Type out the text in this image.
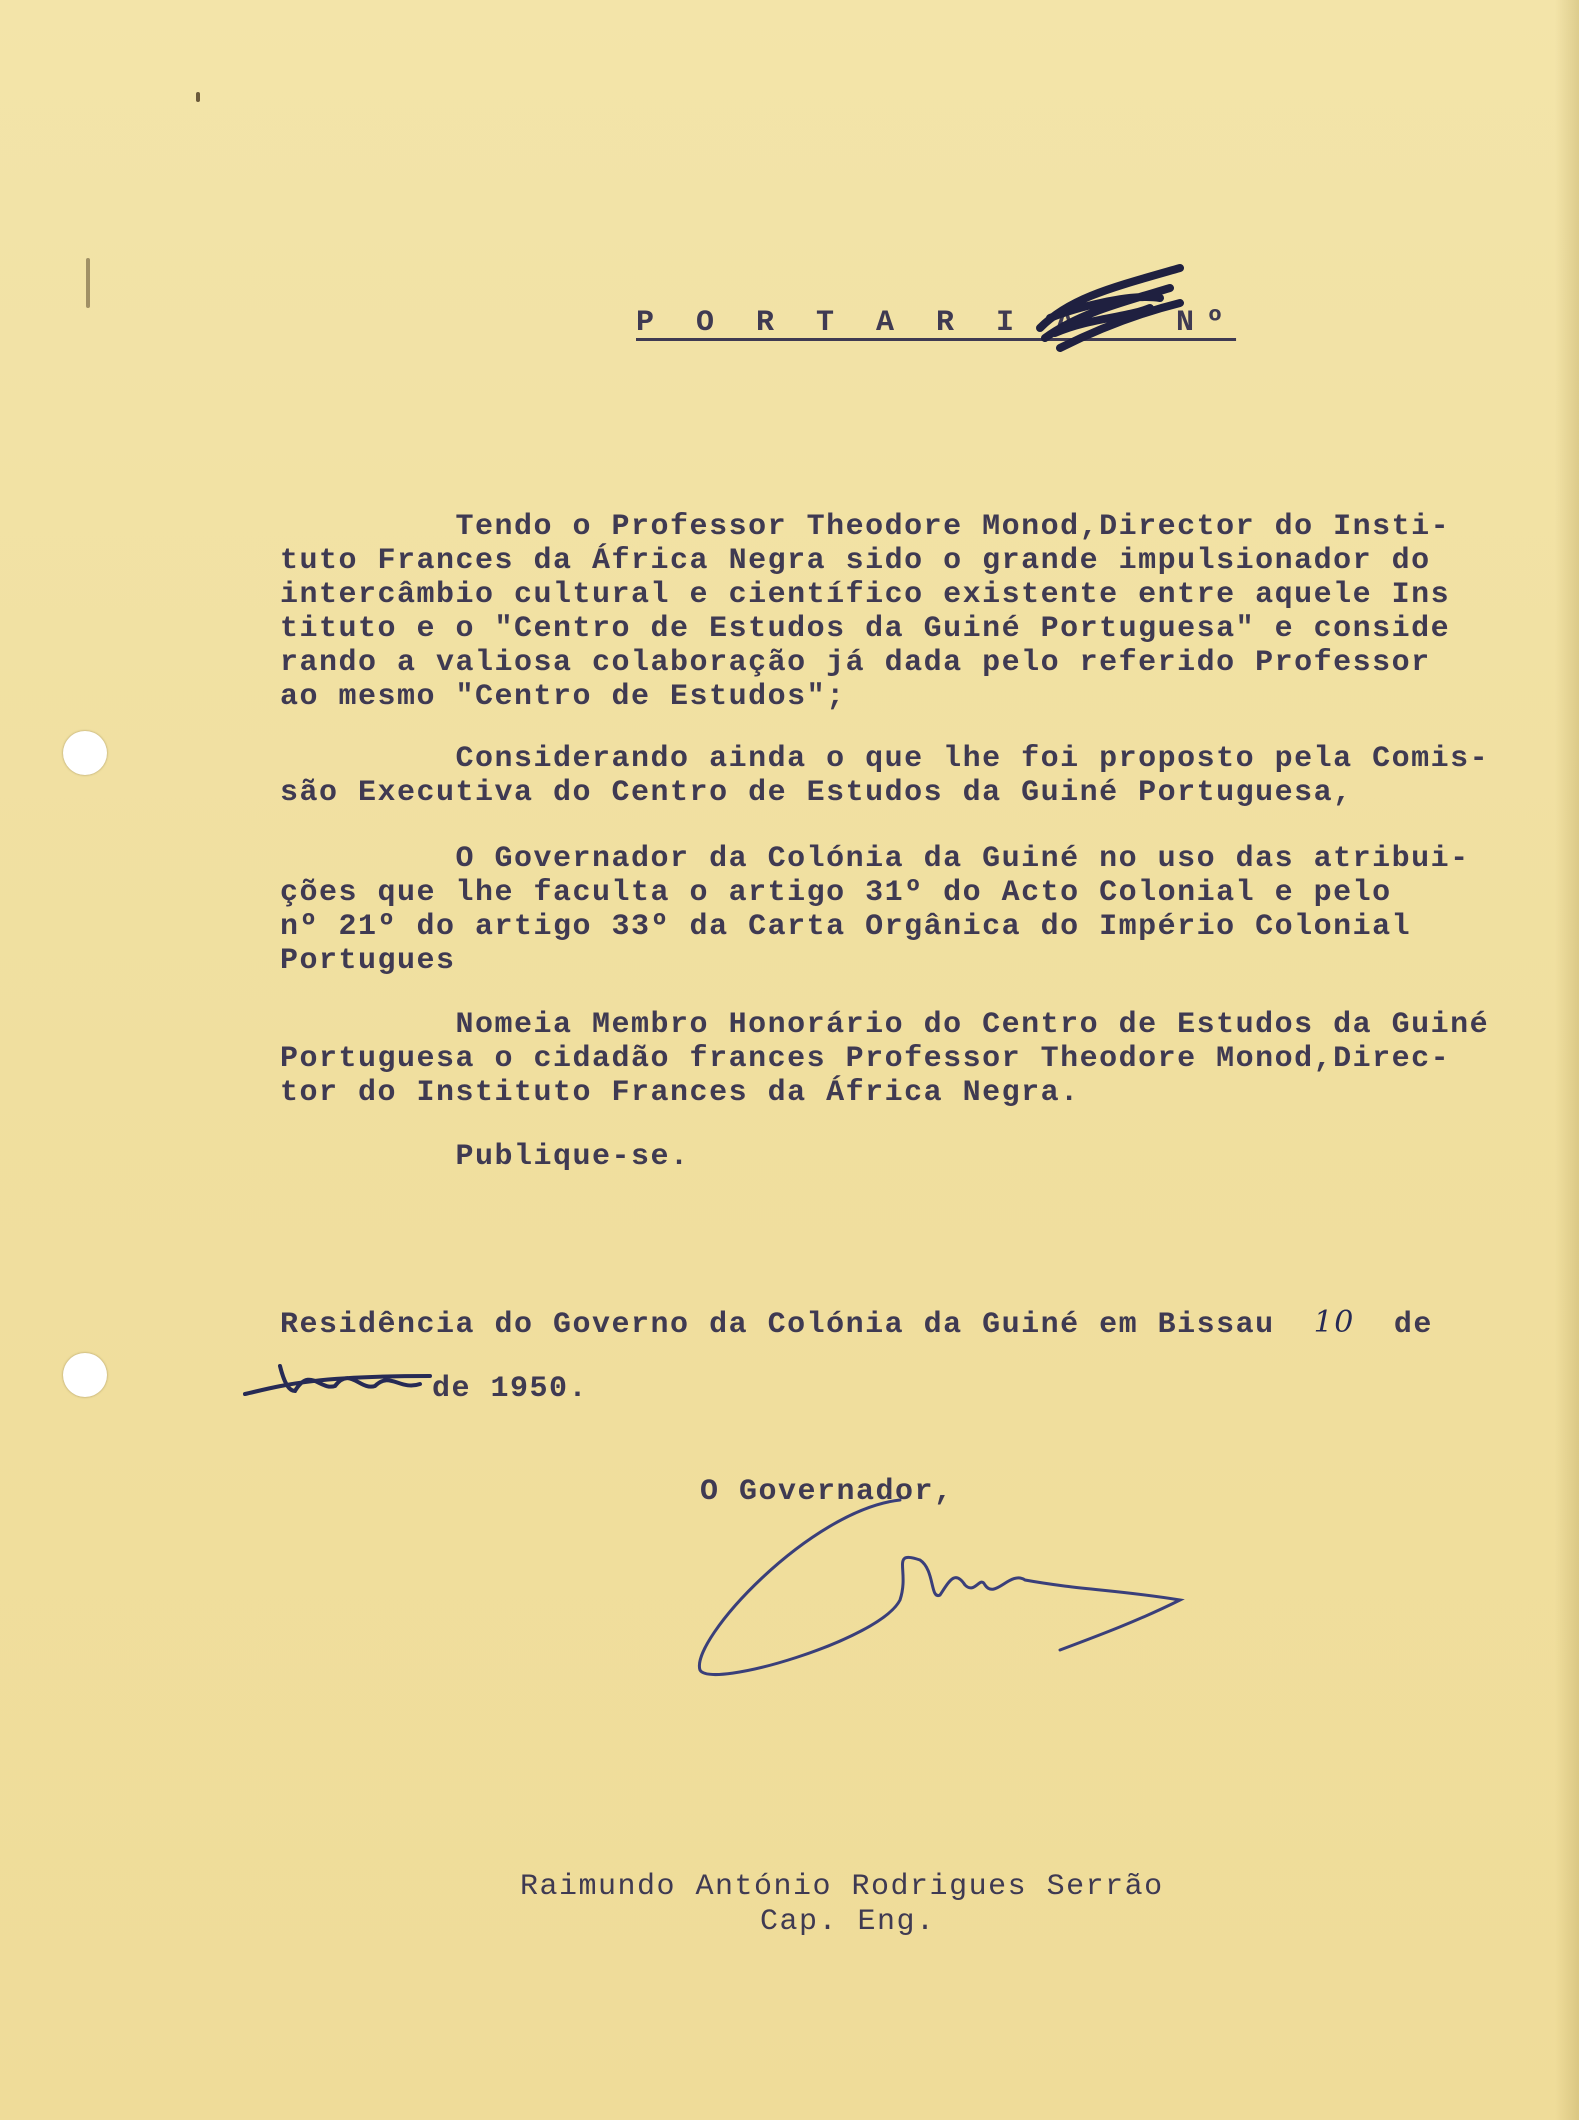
P O R T A R I A   Nº

Tendo o Professor Theodore Monod,Director do Insti-
tuto Frances da África Negra sido o grande impulsionador do
intercâmbio cultural e científico existente entre aquele Ins
tituto e o "Centro de Estudos da Guiné Portuguesa" e conside
rando a valiosa colaboração já dada pelo referido Professor
ao mesmo "Centro de Estudos";

Considerando ainda o que lhe foi proposto pela Comis-
são Executiva do Centro de Estudos da Guiné Portuguesa,

O Governador da Colónia da Guiné no uso das atribui-
ções que lhe faculta o artigo 31º do Acto Colonial e pelo
nº 21º do artigo 33º da Carta Orgânica do Império Colonial
Portugues

Nomeia Membro Honorário do Centro de Estudos da Guiné
Portuguesa o cidadão frances Professor Theodore Monod,Direc-
tor do Instituto Frances da África Negra.

Publique-se.

Residência do Governo da Colónia da Guiné em Bissau 10 de

de 1950.

O Governador,

Raimundo António Rodrigues Serrão

Cap. Eng.
